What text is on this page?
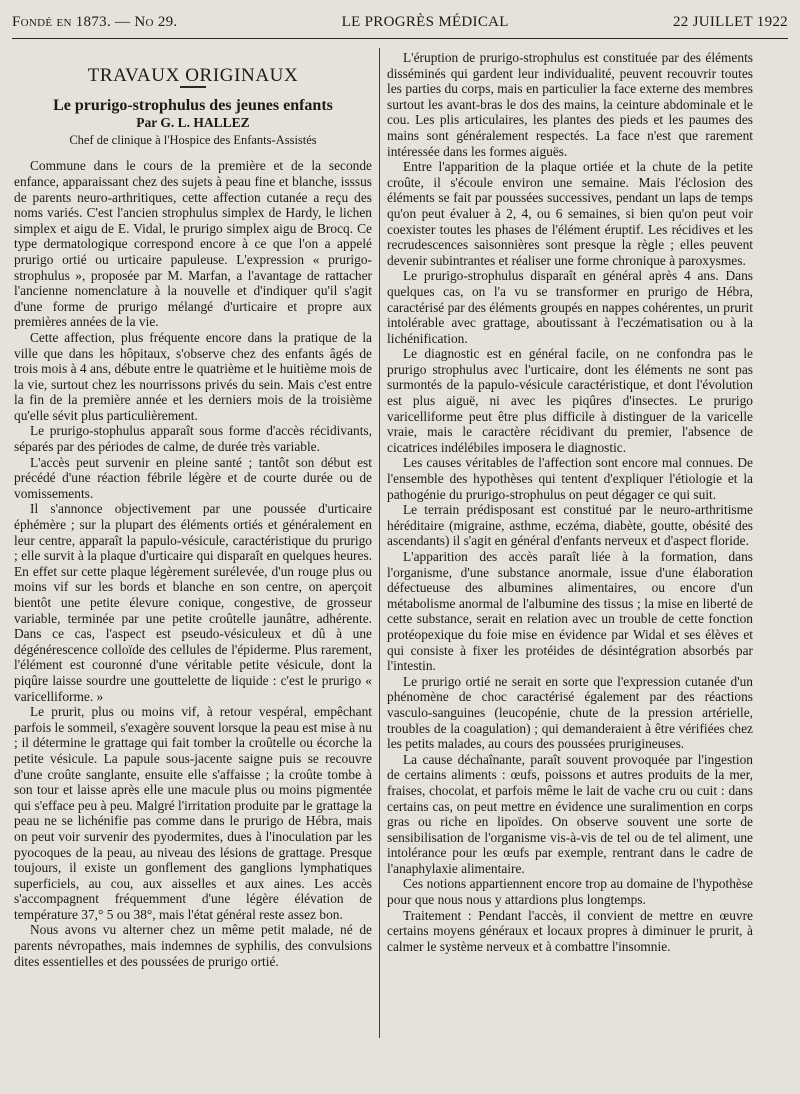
Fondé en 1873. — No 29.	LE PROGRÈS MÉDICAL	22 JUILLET 1922
TRAVAUX ORIGINAUX
Le prurigo-strophulus des jeunes enfants
Par G. L. HALLEZ
Chef de clinique à l'Hospice des Enfants-Assistés

Commune dans le cours de la première et de la seconde enfance, apparaissant chez des sujets à peau fine et blanche, isssus de parents neuro-arthritiques, cette affection cutanée a reçu des noms variés. C'est l'ancien strophulus simplex de Hardy, le lichen simplex et aigu de E. Vidal, le prurigo simplex aigu de Brocq. Ce type dermatologique correspond encore à ce que l'on a appelé prurigo ortié ou urticaire papuleuse. L'expression « prurigo-strophulus », proposée par M. Marfan, a l'avantage de rattacher l'ancienne nomenclature à la nouvelle et d'indiquer qu'il s'agit d'une forme de prurigo mélangé d'urticaire et propre aux premières années de la vie.

Cette affection, plus fréquente encore dans la pratique de la ville que dans les hôpitaux, s'observe chez des enfants âgés de trois mois à 4 ans, débute entre le quatrième et le huitième mois de la vie, surtout chez les nourrissons privés du sein. Mais c'est entre la fin de la première année et les derniers mois de la troisième qu'elle sévit plus particulièrement.

Le prurigo-stophulus apparaît sous forme d'accès récidivants, séparés par des périodes de calme, de durée très variable.

L'accès peut survenir en pleine santé ; tantôt son début est précédé d'une réaction fébrile légère et de courte durée ou de vomissements.

Il s'annonce objectivement par une poussée d'urticaire éphémère ; sur la plupart des éléments ortiés et généralement en leur centre, apparaît la papulo-vésicule, caractéristique du prurigo ; elle survit à la plaque d'urticaire qui disparaît en quelques heures. En effet sur cette plaque légèrement surélevée, d'un rouge plus ou moins vif sur les bords et blanche en son centre, on aperçoit bientôt une petite élevure conique, congestive, de grosseur variable, terminée par une petite croûtelle jaunâtre, adhérente. Dans ce cas, l'aspect est pseudo-vésiculeux et dû à une dégénérescence colloïde des cellules de l'épiderme. Plus rarement, l'élément est couronné d'une véritable petite vésicule, dont la piqûre laisse sourdre une gouttelette de liquide : c'est le prurigo « varicelliforme. »

Le prurit, plus ou moins vif, à retour vespéral, empêchant parfois le sommeil, s'exagère souvent lorsque la peau est mise à nu ; il détermine le grattage qui fait tomber la croûtelle ou écorche la petite vésicule. La papule sous-jacente saigne puis se recouvre d'une croûte sanglante, ensuite elle s'affaisse ; la croûte tombe à son tour et laisse après elle une macule plus ou moins pigmentée qui s'efface peu à peu. Malgré l'irritation produite par le grattage la peau ne se lichénifie pas comme dans le prurigo de Hébra, mais on peut voir survenir des pyodermites, dues à l'inoculation par les pyocoques de la peau, au niveau des lésions de grattage. Presque toujours, il existe un gonflement des ganglions lymphatiques superficiels, au cou, aux aisselles et aux aines. Les accès s'accompagnent fréquemment d'une légère élévation de température 37,° 5 ou 38°, mais l'état général reste assez bon.

Nous avons vu alterner chez un même petit malade, né de parents névropathes, mais indemnes de syphilis, des convulsions dites essentielles et des poussées de prurigo ortié.

L'éruption de prurigo-strophulus est constituée par des éléments disséminés qui gardent leur individualité, peuvent recouvrir toutes les parties du corps, mais en particulier la face externe des membres surtout les avant-bras le dos des mains, la ceinture abdominale et le cou. Les plis articulaires, les plantes des pieds et les paumes des mains sont généralement respectés. La face n'est que rarement intéressée dans les formes aiguës.

Entre l'apparition de la plaque ortiée et la chute de la petite croûte, il s'écoule environ une semaine. Mais l'éclosion des éléments se fait par poussées successives, pendant un laps de temps qu'on peut évaluer à 2, 4, ou 6 semaines, si bien qu'on peut voir coexister toutes les phases de l'élément éruptif. Les récidives et les recrudescences saisonnières sont presque la règle ; elles peuvent devenir subintrantes et réaliser une forme chronique à paroxysmes.

Le prurigo-strophulus disparaît en général après 4 ans. Dans quelques cas, on l'a vu se transformer en prurigo de Hébra, caractérisé par des éléments groupés en nappes cohérentes, un prurit intolérable avec grattage, aboutissant à l'eczématisation ou à la lichénification.

Le diagnostic est en général facile, on ne confondra pas le prurigo strophulus avec l'urticaire, dont les éléments ne sont pas surmontés de la papulo-vésicule caractéristique, et dont l'évolution est plus aiguë, ni avec les piqûres d'insectes. Le prurigo varicelliforme peut être plus difficile à distinguer de la varicelle vraie, mais le caractère récidivant du premier, l'absence de cicatrices indélébiles imposera le diagnostic.

Les causes véritables de l'affection sont encore mal connues. De l'ensemble des hypothèses qui tentent d'expliquer l'étiologie et la pathogénie du prurigo-strophulus on peut dégager ce qui suit.

Le terrain prédisposant est constitué par le neuro-arthritisme héréditaire (migraine, asthme, eczéma, diabète, goutte, obésité des ascendants) il s'agit en général d'enfants nerveux et d'aspect floride.

L'apparition des accès paraît liée à la formation, dans l'organisme, d'une substance anormale, issue d'une élaboration défectueuse des albumines alimentaires, ou encore d'un métabolisme anormal de l'albumine des tissus ; la mise en liberté de cette substance, serait en relation avec un trouble de cette fonction protéopexique du foie mise en évidence par Widal et ses élèves et qui consiste à fixer les protéides de désintégration absorbés par l'intestin.

Le prurigo ortié ne serait en sorte que l'expression cutanée d'un phénomène de choc caractérisé également par des réactions vasculo-sanguines (leucopénie, chute de la pression artérielle, troubles de la coagulation) ; qui demanderaient à être vérifiées chez les petits malades, au cours des poussées prurigineuses.

La cause déchaînante, paraît souvent provoquée par l'ingestion de certains aliments : œufs, poissons et autres produits de la mer, fraises, chocolat, et parfois même le lait de vache cru ou cuit : dans certains cas, on peut mettre en évidence une suralimention en corps gras ou riche en lipoïdes. On observe souvent une sorte de sensibilisation de l'organisme vis-à-vis de tel ou de tel aliment, une intolérance pour les œufs par exemple, rentrant dans le cadre de l'anaphylaxie alimentaire.

Ces notions appartiennent encore trop au domaine de l'hypothèse pour que nous nous y attardions plus longtemps.

Traitement : Pendant l'accès, il convient de mettre en œuvre certains moyens généraux et locaux propres à diminuer le prurit, à calmer le système nerveux et à combattre l'insomnie.
